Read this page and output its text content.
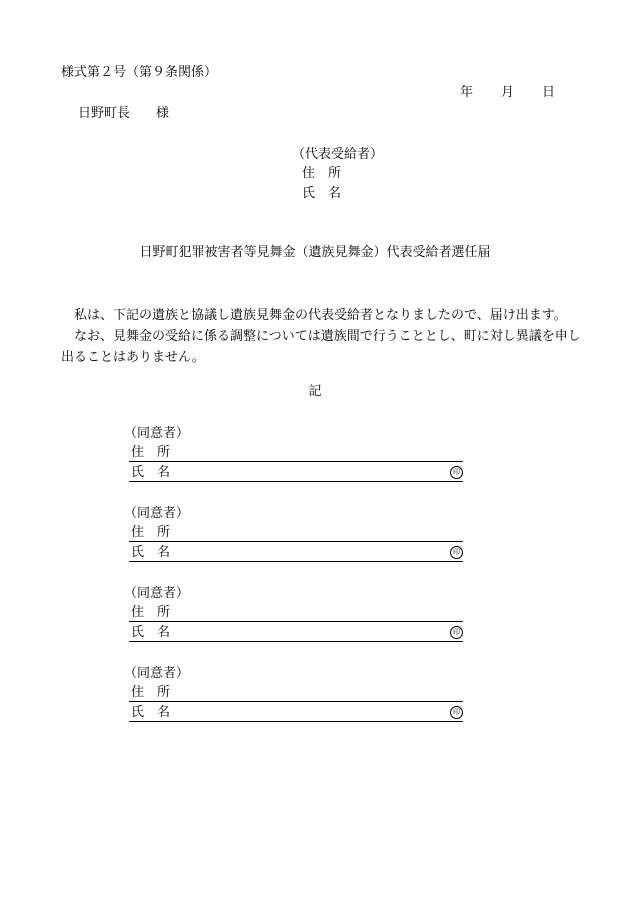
様式第２号（第９条関係）
年 月 日
日野町長 様
（代表受給者）
住 所
氏 名
日野町犯罪被害者等見舞金（遺族見舞金）代表受給者選任届

私は、下記の遺族と協議し遺族見舞金の代表受給者となりましたので、届け出ます。

なお、見舞金の受給に係る調整については遺族間で行うこととし、町に対し異議を申し出ることはありません。

記
（同意者）
住 所
氏 名	印
（同意者）
住 所
氏 名	印
（同意者）
住 所
氏 名	印
（同意者）
住 所
氏 名	印
